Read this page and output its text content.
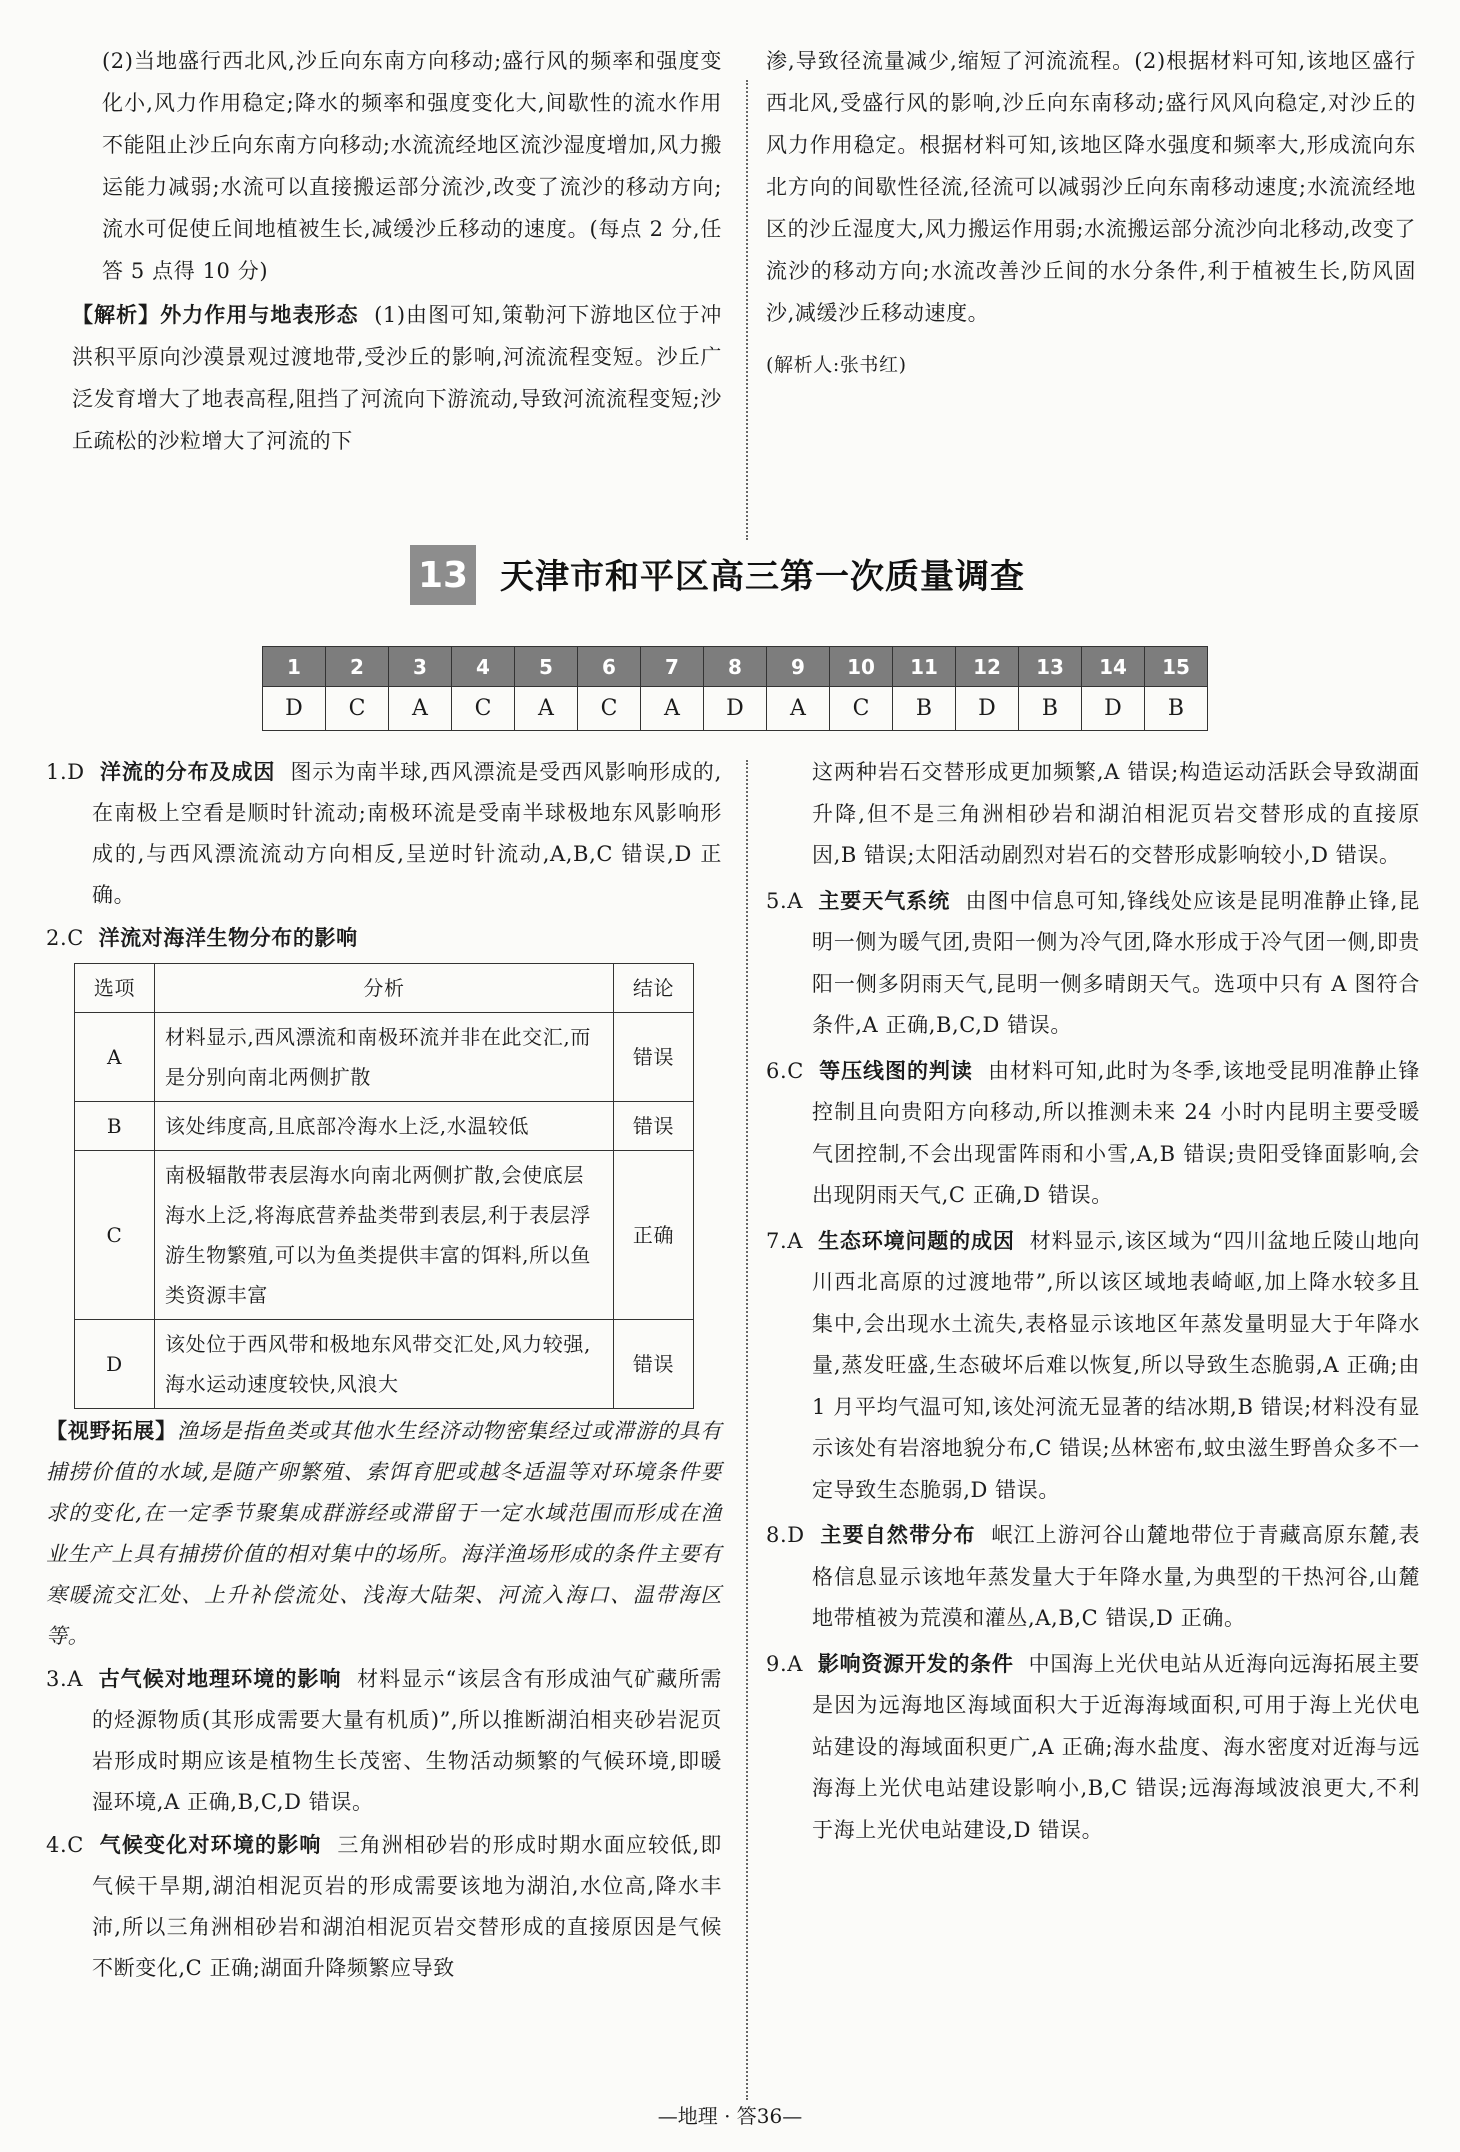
(2)当地盛行西北风,沙丘向东南方向移动;盛行风的频率和强度变化小,风力作用稳定;降水的频率和强度变化大,间歇性的流水作用不能阻止沙丘向东南方向移动;水流流经地区流沙湿度增加,风力搬运能力减弱;水流可以直接搬运部分流沙,改变了流沙的移动方向;流水可促使丘间地植被生长,减缓沙丘移动的速度。(每点 2 分,任答 5 点得 10 分)

【解析】外力作用与地表形态 (1)由图可知,策勒河下游地区位于冲洪积平原向沙漠景观过渡地带,受沙丘的影响,河流流程变短。沙丘广泛发育增大了地表高程,阻挡了河流向下游流动,导致河流流程变短;沙丘疏松的沙粒增大了河流的下

渗,导致径流量减少,缩短了河流流程。(2)根据材料可知,该地区盛行西北风,受盛行风的影响,沙丘向东南移动;盛行风风向稳定,对沙丘的风力作用稳定。根据材料可知,该地区降水强度和频率大,形成流向东北方向的间歇性径流,径流可以减弱沙丘向东南移动速度;水流流经地区的沙丘湿度大,风力搬运作用弱;水流搬运部分流沙向北移动,改变了流沙的移动方向;水流改善沙丘间的水分条件,利于植被生长,防风固沙,减缓沙丘移动速度。

(解析人:张书红)

13 天津市和平区高三第一次质量调查
1	2	3	4	5	6	7	8	9	10	11	12	13	14	15
D	C	A	C	A	C	A	D	A	C	B	D	B	D	B

1.D 洋流的分布及成因 图示为南半球,西风漂流是受西风影响形成的,在南极上空看是顺时针流动;南极环流是受南半球极地东风影响形成的,与西风漂流流动方向相反,呈逆时针流动,A,B,C 错误,D 正确。

2.C 洋流对海洋生物分布的影响

选项	分析	结论
A	材料显示,西风漂流和南极环流并非在此交汇,而是分别向南北两侧扩散	错误
B	该处纬度高,且底部冷海水上泛,水温较低	错误
C	南极辐散带表层海水向南北两侧扩散,会使底层海水上泛,将海底营养盐类带到表层,利于表层浮游生物繁殖,可以为鱼类提供丰富的饵料,所以鱼类资源丰富	正确
D	该处位于西风带和极地东风带交汇处,风力较强,海水运动速度较快,风浪大	错误

【视野拓展】渔场是指鱼类或其他水生经济动物密集经过或滞游的具有捕捞价值的水域,是随产卵繁殖、索饵育肥或越冬适温等对环境条件要求的变化,在一定季节聚集成群游经或滞留于一定水域范围而形成在渔业生产上具有捕捞价值的相对集中的场所。海洋渔场形成的条件主要有寒暖流交汇处、上升补偿流处、浅海大陆架、河流入海口、温带海区等。

3.A 古气候对地理环境的影响 材料显示“该层含有形成油气矿藏所需的烃源物质(其形成需要大量有机质)”,所以推断湖泊相夹砂岩泥页岩形成时期应该是植物生长茂密、生物活动频繁的气候环境,即暖湿环境,A 正确,B,C,D 错误。

4.C 气候变化对环境的影响 三角洲相砂岩的形成时期水面应较低,即气候干旱期,湖泊相泥页岩的形成需要该地为湖泊,水位高,降水丰沛,所以三角洲相砂岩和湖泊相泥页岩交替形成的直接原因是气候不断变化,C 正确;湖面升降频繁应导致

这两种岩石交替形成更加频繁,A 错误;构造运动活跃会导致湖面升降,但不是三角洲相砂岩和湖泊相泥页岩交替形成的直接原因,B 错误;太阳活动剧烈对岩石的交替形成影响较小,D 错误。

5.A 主要天气系统 由图中信息可知,锋线处应该是昆明准静止锋,昆明一侧为暖气团,贵阳一侧为冷气团,降水形成于冷气团一侧,即贵阳一侧多阴雨天气,昆明一侧多晴朗天气。选项中只有 A 图符合条件,A 正确,B,C,D 错误。

6.C 等压线图的判读 由材料可知,此时为冬季,该地受昆明准静止锋控制且向贵阳方向移动,所以推测未来 24 小时内昆明主要受暖气团控制,不会出现雷阵雨和小雪,A,B 错误;贵阳受锋面影响,会出现阴雨天气,C 正确,D 错误。

7.A 生态环境问题的成因 材料显示,该区域为“四川盆地丘陵山地向川西北高原的过渡地带”,所以该区域地表崎岖,加上降水较多且集中,会出现水土流失,表格显示该地区年蒸发量明显大于年降水量,蒸发旺盛,生态破坏后难以恢复,所以导致生态脆弱,A 正确;由 1 月平均气温可知,该处河流无显著的结冰期,B 错误;材料没有显示该处有岩溶地貌分布,C 错误;丛林密布,蚊虫滋生野兽众多不一定导致生态脆弱,D 错误。

8.D 主要自然带分布 岷江上游河谷山麓地带位于青藏高原东麓,表格信息显示该地年蒸发量大于年降水量,为典型的干热河谷,山麓地带植被为荒漠和灌丛,A,B,C 错误,D 正确。

9.A 影响资源开发的条件 中国海上光伏电站从近海向远海拓展主要是因为远海地区海域面积大于近海海域面积,可用于海上光伏电站建设的海域面积更广,A 正确;海水盐度、海水密度对近海与远海海上光伏电站建设影响小,B,C 错误;远海海域波浪更大,不利于海上光伏电站建设,D 错误。

—地理 · 答36—
